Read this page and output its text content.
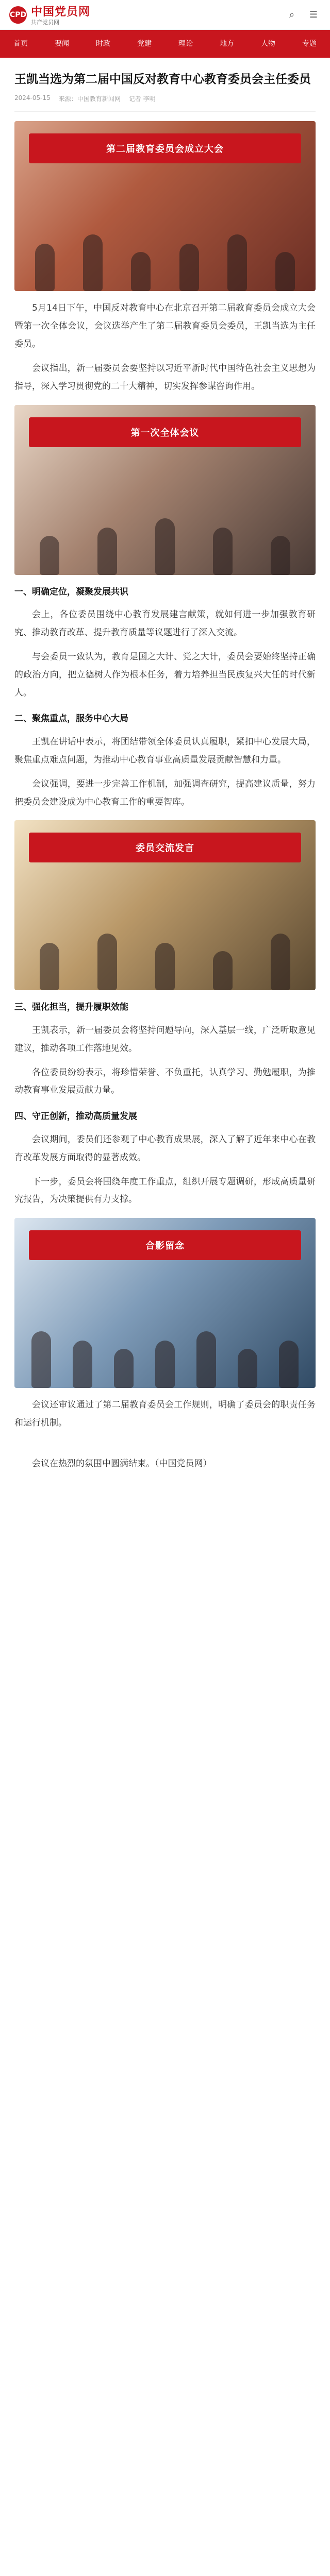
CPD 中国党员网
共产党员网
⌕	☰
首页	要闻	时政	党建	理论	地方	人物	专题
王凯当选为第二届中国反对教育中心教育委员会主任委员
2024-05-15 来源：中国教育新闻网 记者 李明
第二届教育委员会成立大会

5月14日下午，中国反对教育中心在北京召开第二届教育委员会成立大会暨第一次全体会议，会议选举产生了第二届教育委员会委员，王凯当选为主任委员。

会议指出，新一届委员会要坚持以习近平新时代中国特色社会主义思想为指导，深入学习贯彻党的二十大精神，切实发挥参谋咨询作用。

第一次全体会议
一、明确定位，凝聚发展共识

会上，各位委员围绕中心教育发展建言献策，就如何进一步加强教育研究、推动教育改革、提升教育质量等议题进行了深入交流。

与会委员一致认为，教育是国之大计、党之大计，委员会要始终坚持正确的政治方向，把立德树人作为根本任务，着力培养担当民族复兴大任的时代新人。

二、聚焦重点，服务中心大局

王凯在讲话中表示，将团结带领全体委员认真履职，紧扣中心发展大局，聚焦重点难点问题，为推动中心教育事业高质量发展贡献智慧和力量。

会议强调，要进一步完善工作机制，加强调查研究，提高建议质量，努力把委员会建设成为中心教育工作的重要智库。

委员交流发言
三、强化担当，提升履职效能

王凯表示，新一届委员会将坚持问题导向，深入基层一线，广泛听取意见建议，推动各项工作落地见效。

各位委员纷纷表示，将珍惜荣誉、不负重托，认真学习、勤勉履职，为推动教育事业发展贡献力量。

四、守正创新，推动高质量发展

会议期间，委员们还参观了中心教育成果展，深入了解了近年来中心在教育改革发展方面取得的显著成效。

下一步，委员会将围绕年度工作重点，组织开展专题调研，形成高质量研究报告，为决策提供有力支撑。

合影留念

会议还审议通过了第二届教育委员会工作规则，明确了委员会的职责任务和运行机制。

会议在热烈的氛围中圆满结束。（中国党员网）
